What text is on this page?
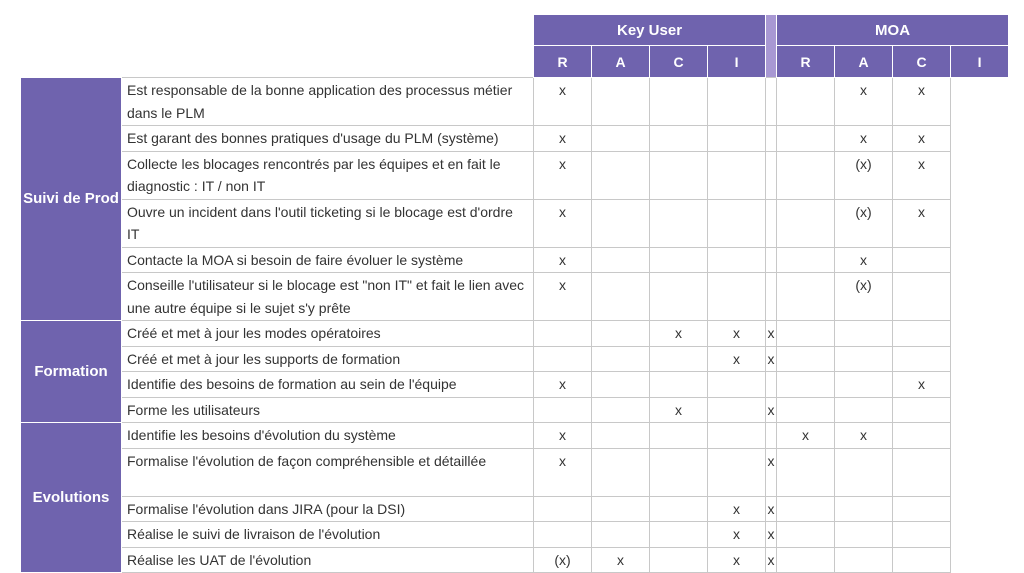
		Key User					MOA			
		R	A	C	I		R	A	C	I
Suivi de Prod	Est responsable de la bonne application des processus métier dans le PLM	x						x	x	
	Est garant des bonnes pratiques d'usage du PLM (système)	x						x	x	
	Collecte les blocages rencontrés par les équipes et en fait le diagnostic : IT / non IT	x						(x)	x	
	Ouvre un incident dans l'outil ticketing si le blocage est d'ordre IT	x						(x)	x	
	Contacte la MOA si besoin de faire évoluer le système	x						x		
	Conseille l'utilisateur si le blocage est "non IT" et fait le lien avec une autre équipe si le sujet s'y prête	x						(x)		
Formation	Créé et met à jour les modes opératoires			x	x	x				
	Créé et met à jour les supports de formation				x	x				
	Identifie des besoins de formation au sein de l'équipe	x							x	
	Forme les utilisateurs			x		x				
Evolutions	Identifie les besoins d'évolution du système	x					x	x		
	Formalise l'évolution de façon compréhensible et détaillée	x				x				
	Formalise l'évolution dans JIRA (pour la DSI)				x	x				
	Réalise le suivi de livraison de l'évolution				x	x				
	Réalise les UAT de l'évolution	(x)	x		x	x				
